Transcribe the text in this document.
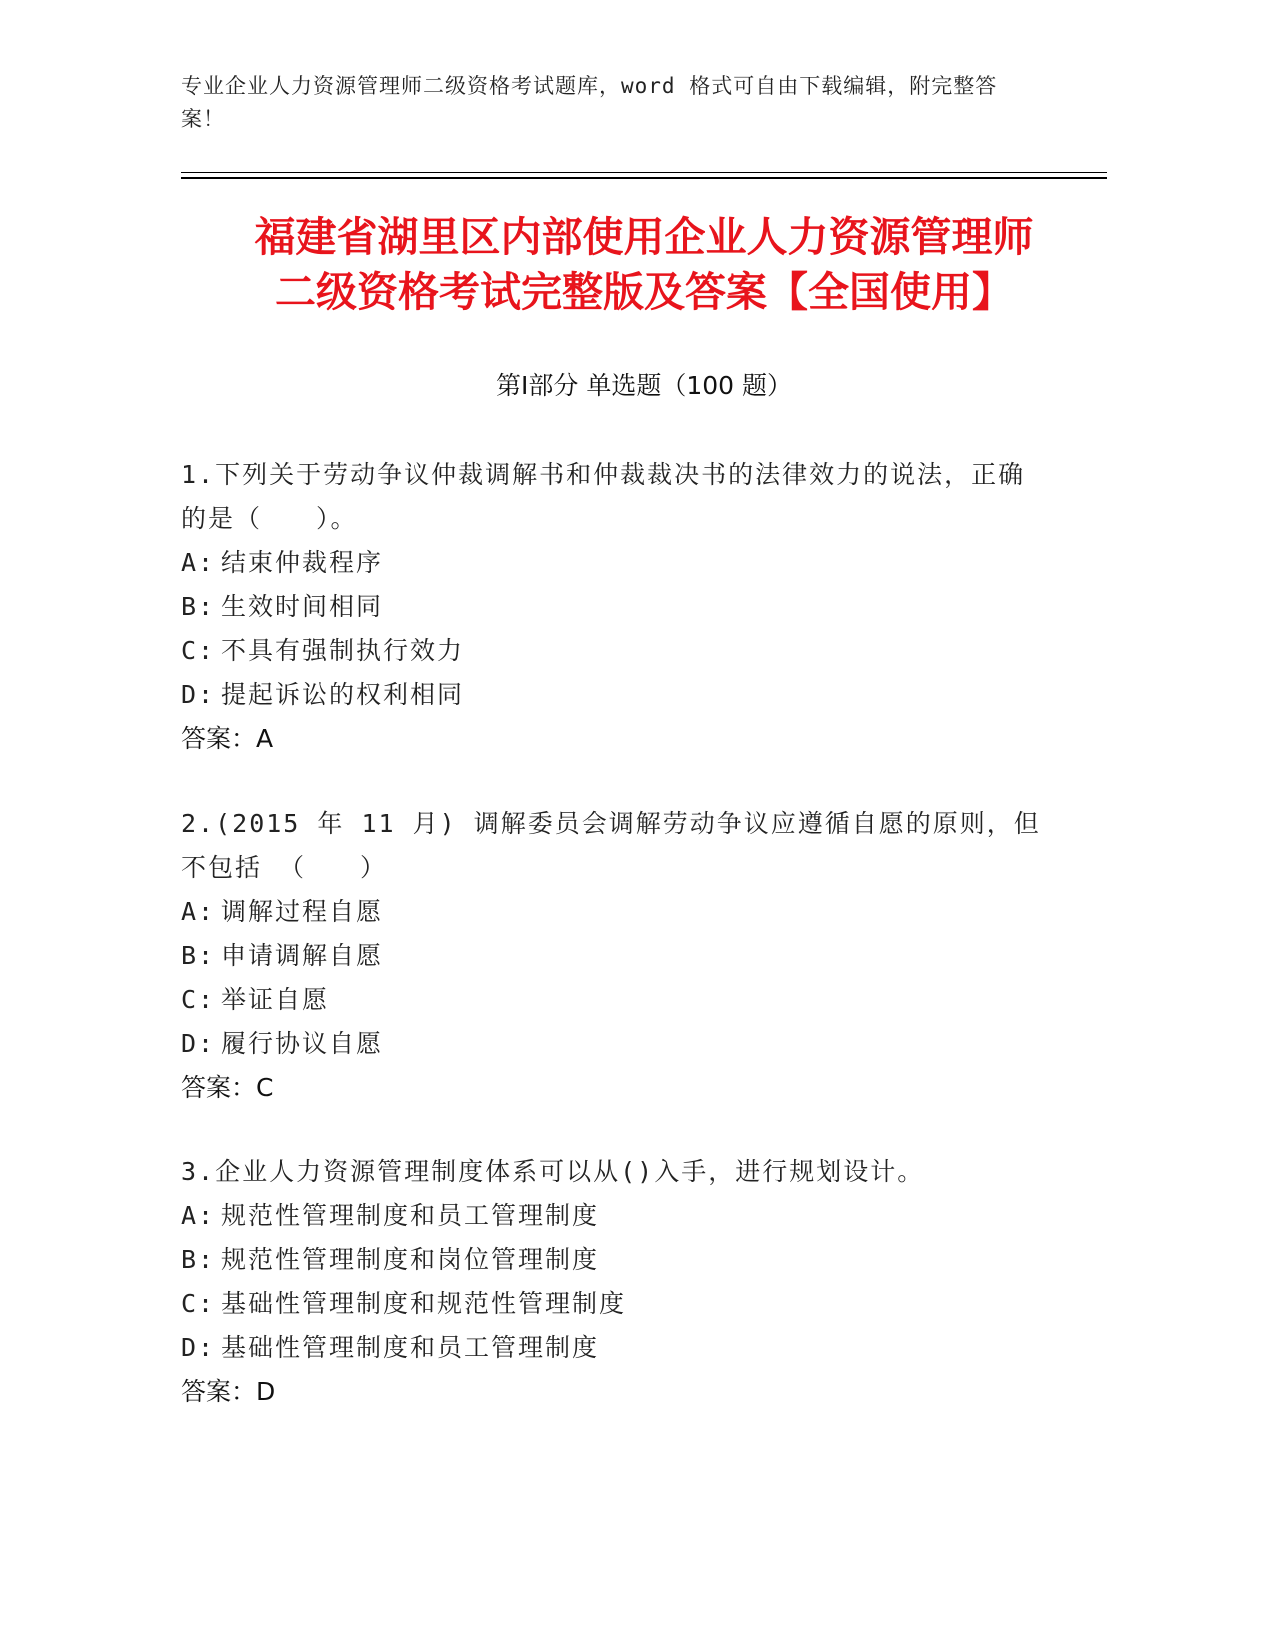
专业企业人力资源管理师二级资格考试题库，word 格式可自由下载编辑，附完整答案！
福建省湖里区内部使用企业人力资源管理师
二级资格考试完整版及答案【全国使用】
第Ⅰ部分 单选题（100 题）

1.下列关于劳动争议仲裁调解书和仲裁裁决书的法律效力的说法，正确的是（　　）。

A: 结束仲裁程序

B: 生效时间相同

C: 不具有强制执行效力

D: 提起诉讼的权利相同

答案：A

2.(2015 年 11 月) 调解委员会调解劳动争议应遵循自愿的原则，但不包括 （　　）

A: 调解过程自愿

B: 申请调解自愿

C: 举证自愿

D: 履行协议自愿

答案：C

3.企业人力资源管理制度体系可以从()入手，进行规划设计。

A: 规范性管理制度和员工管理制度

B: 规范性管理制度和岗位管理制度

C: 基础性管理制度和规范性管理制度

D: 基础性管理制度和员工管理制度

答案：D
